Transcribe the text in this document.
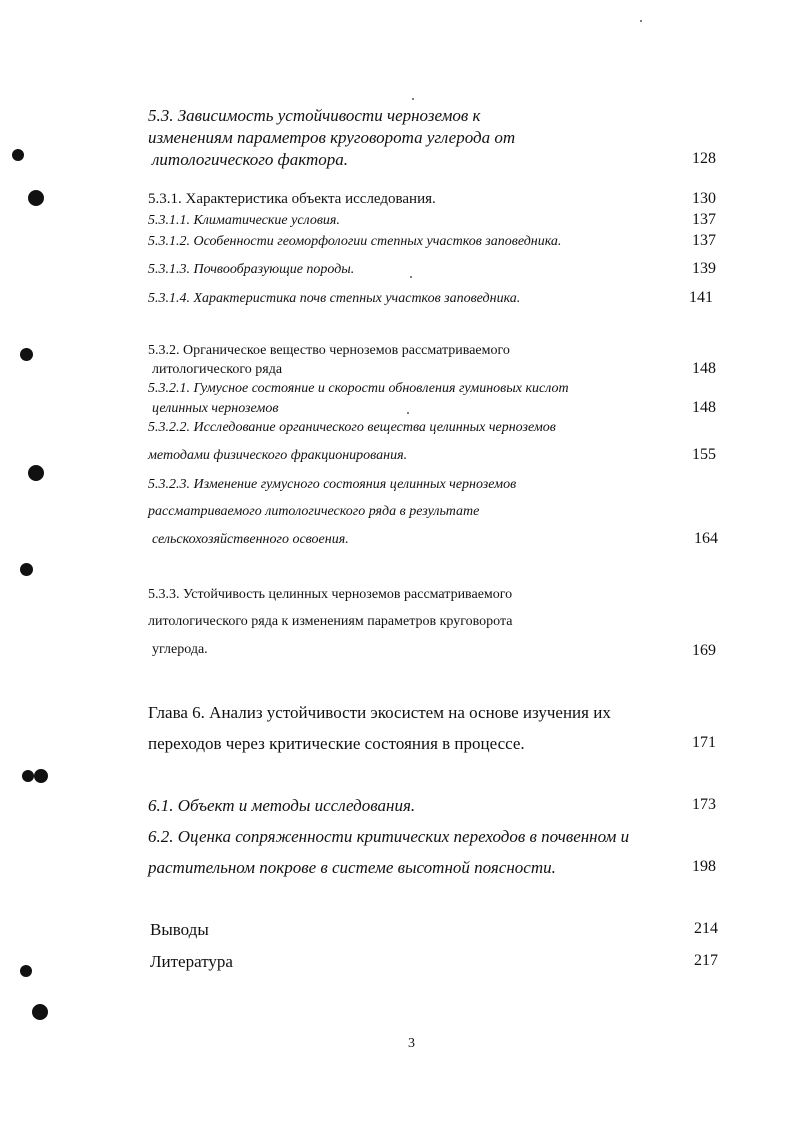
5.3. Зависимость устойчивости черноземов к
изменениям параметров круговорота углерода от
литологического фактора.	128
5.3.1. Характеристика объекта исследования.	130
5.3.1.1. Климатические условия.	137
5.3.1.2. Особенности геоморфологии степных участков заповедника.	137
5.3.1.3. Почвообразующие породы.	139
5.3.1.4. Характеристика почв степных участков заповедника.	141
5.3.2. Органическое вещество черноземов рассматриваемого
литологического ряда	148
5.3.2.1. Гумусное состояние и скорости обновления гуминовых кислот
целинных черноземов	148
5.3.2.2. Исследование органического вещества целинных черноземов
методами физического фракционирования.	155
5.3.2.3. Изменение гумусного состояния целинных черноземов
рассматриваемого литологического ряда в результате
сельскохозяйственного освоения.	164
5.3.3. Устойчивость целинных черноземов рассматриваемого
литологического ряда к изменениям параметров круговорота
углерода.	169
Глава 6. Анализ устойчивости экосистем на основе изучения их
переходов через критические состояния в процессе.	171
6.1. Объект и методы исследования.	173
6.2. Оценка сопряженности критических переходов в почвенном и
растительном покрове в системе высотной поясности.	198
Выводы	214
Литература	217
3
